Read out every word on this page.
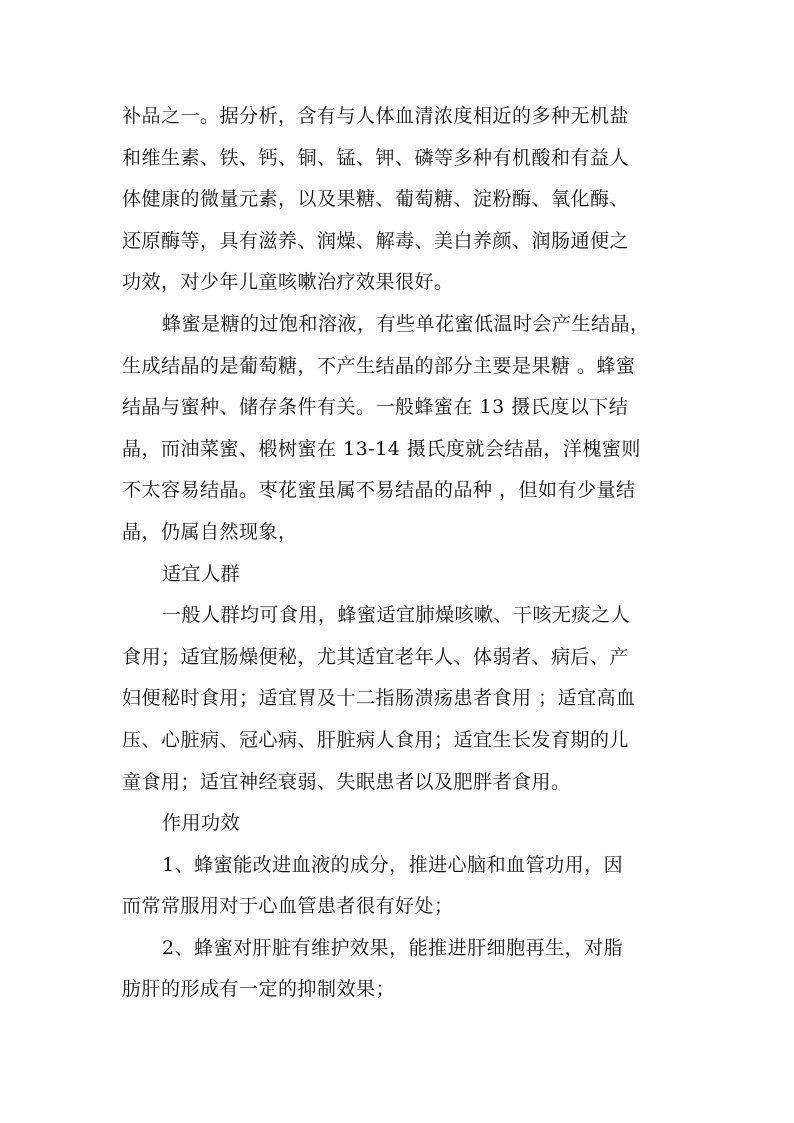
补品之一。据分析，含有与人体血清浓度相近的多种无机盐
和维生素、铁、钙、铜、锰、钾、磷等多种有机酸和有益人
体健康的微量元素，以及果糖、葡萄糖、淀粉酶、氧化酶、
还原酶等，具有滋养、润燥、解毒、美白养颜、润肠通便之
功效，对少年儿童咳嗽治疗效果很好。
蜂蜜是糖的过饱和溶液，有些单花蜜低温时会产生结晶，
生成结晶的是葡萄糖，不产生结晶的部分主要是果糖 。蜂蜜
结晶与蜜种、储存条件有关。一般蜂蜜在 13 摄氏度以下结
晶，而油菜蜜、椴树蜜在 13-14 摄氏度就会结晶，洋槐蜜则
不太容易结晶。枣花蜜虽属不易结晶的品种 ，但如有少量结
晶，仍属自然现象，
适宜人群
一般人群均可食用，蜂蜜适宜肺燥咳嗽、干咳无痰之人
食用；适宜肠燥便秘，尤其适宜老年人、体弱者、病后、产
妇便秘时食用；适宜胃及十二指肠溃疡患者食用 ；适宜高血
压、心脏病、冠心病、肝脏病人食用；适宜生长发育期的儿
童食用；适宜神经衰弱、失眠患者以及肥胖者食用。
作用功效
1、蜂蜜能改进血液的成分，推进心脑和血管功用，因
而常常服用对于心血管患者很有好处；
2、蜂蜜对肝脏有维护效果，能推进肝细胞再生，对脂
肪肝的形成有一定的抑制效果；
